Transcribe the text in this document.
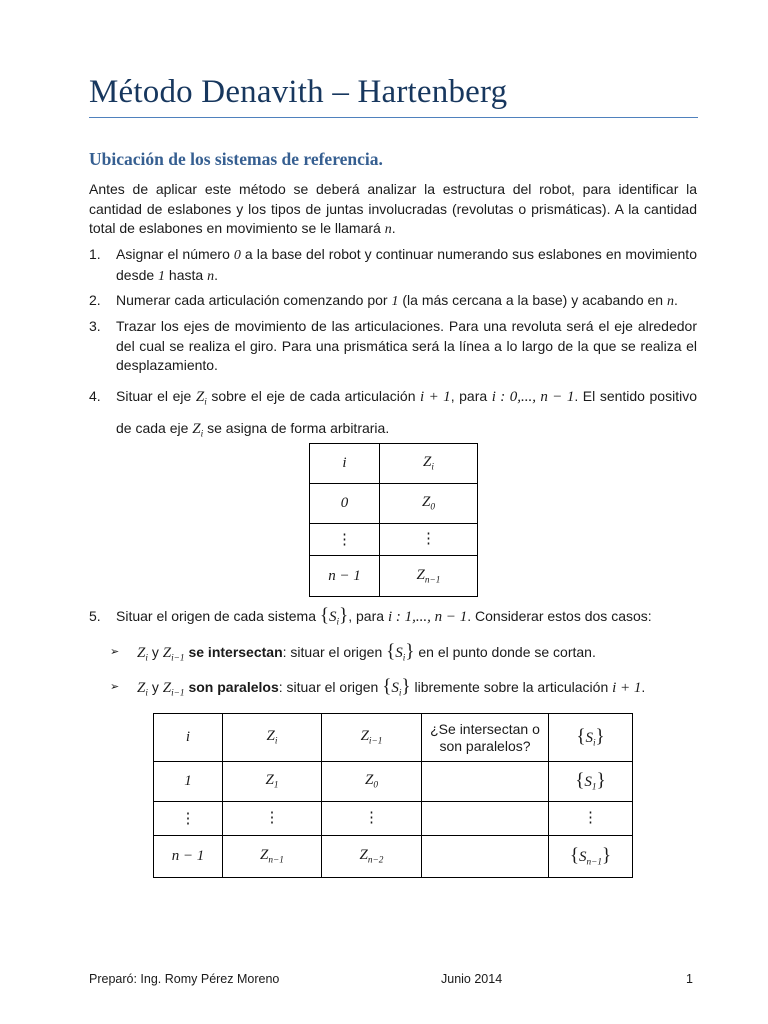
Método Denavith – Hartenberg
Ubicación de los sistemas de referencia.

Antes de aplicar este método se deberá analizar la estructura del robot, para identificar la cantidad de eslabones y los tipos de juntas involucradas (revolutas o prismáticas). A la cantidad total de eslabones en movimiento se le llamará n.

1. Asignar el número 0 a la base del robot y continuar numerando sus eslabones en movimiento desde 1 hasta n.
2. Numerar cada articulación comenzando por 1 (la más cercana a la base) y acabando en n.
3. Trazar los ejes de movimiento de las articulaciones. Para una revoluta será el eje alrededor del cual se realiza el giro. Para una prismática será la línea a lo largo de la que se realiza el desplazamiento.
4. Situar el eje $Z_i$ sobre el eje de cada articulación i + 1, para i : 0,..., n − 1. El sentido positivo de cada eje $Z_i$ se asigna de forma arbitraria.
i	$Z_i$
0	$Z_0$
⋮	⋮
n − 1	$Z_{n-1}$
5. Situar el origen de cada sistema $\{S_i\}$, para i : 1,..., n − 1. Considerar estos dos casos:
➢ $Z_i$ y $Z_{i-1}$ se intersectan: situar el origen $\{S_i\}$ en el punto donde se cortan.
➢ $Z_i$ y $Z_{i-1}$ son paralelos: situar el origen $\{S_i\}$ libremente sobre la articulación i + 1.
i	$Z_i$	$Z_{i-1}$	¿Se intersectan o son paralelos?	$\{S_i\}$
1	$Z_1$	$Z_0$		$\{S_1\}$
⋮	⋮	⋮		⋮
n − 1	$Z_{n-1}$	$Z_{n-2}$		$\{S_{n-1}\}$
Preparó: Ing. Romy Pérez Moreno	Junio 2014	1
